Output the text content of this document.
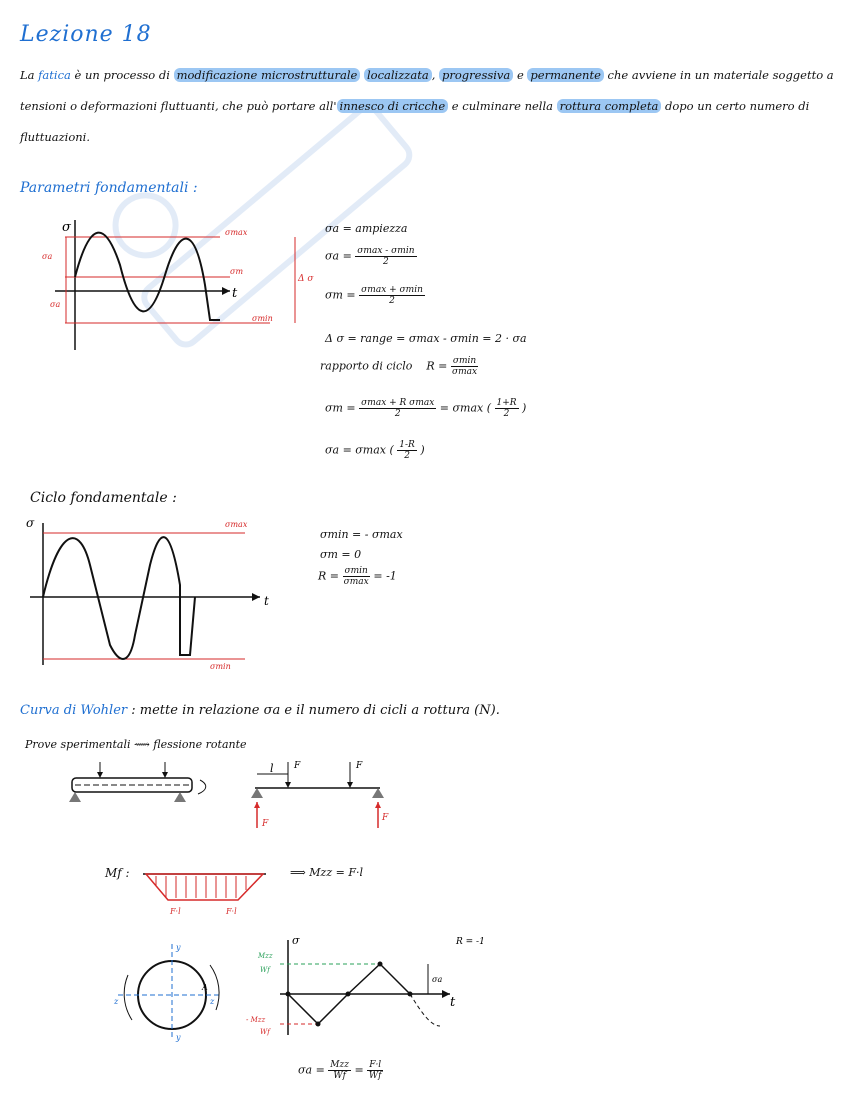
Lezione 18
La fatica è un processo di modificazione microstrutturale localizzata , progressiva e permanente che avviene in un materiale soggetto a tensioni o deformazioni fluttuanti, che può portare all' innesco di cricche e culminare nella rottura completa dopo un certo numero di fluttuazioni.
Parametri fondamentali :
σ
t
σmax
σm
σmin
σa
σa
Δ σ
σa = ampiezza
$\sigma a = \frac{\sigma\max - \sigma\min}{2}$
$\sigma m = \frac{\sigma\max + \sigma\min}{2}$
Δ σ = range = σmax - σmin = 2 · σa
rapporto di ciclo $R = \frac{\sigma\min}{\sigma\max}$
$\sigma m = \frac{\text{σmax + R σmax}}{2} = \sigma\max$ ( $\frac{1+R}{2}$ )
σa = σmax ( $\frac{1-R}{2}$ )
Ciclo fondamentale :
σ
t
σmax
σmin
σmin = - σmax
σm = 0
$R = \frac{\sigma\min}{\sigma\max} = -1$
Curva di Wohler : mette in relazione σa e il numero di cicli a rottura (N).
Prove sperimentali ⟿ flessione rotante
l F	F
F
F
Mf :
F·l	F·l
⟹ Mzz = F·l
y
y
z	z
A
σ
t
R = -1
Mzz
Wf
- Mzz
Wf
σa
$\sigma a = \frac{\text{Mzz}}{Wf} = \frac{F\cdot l}{Wf}$
